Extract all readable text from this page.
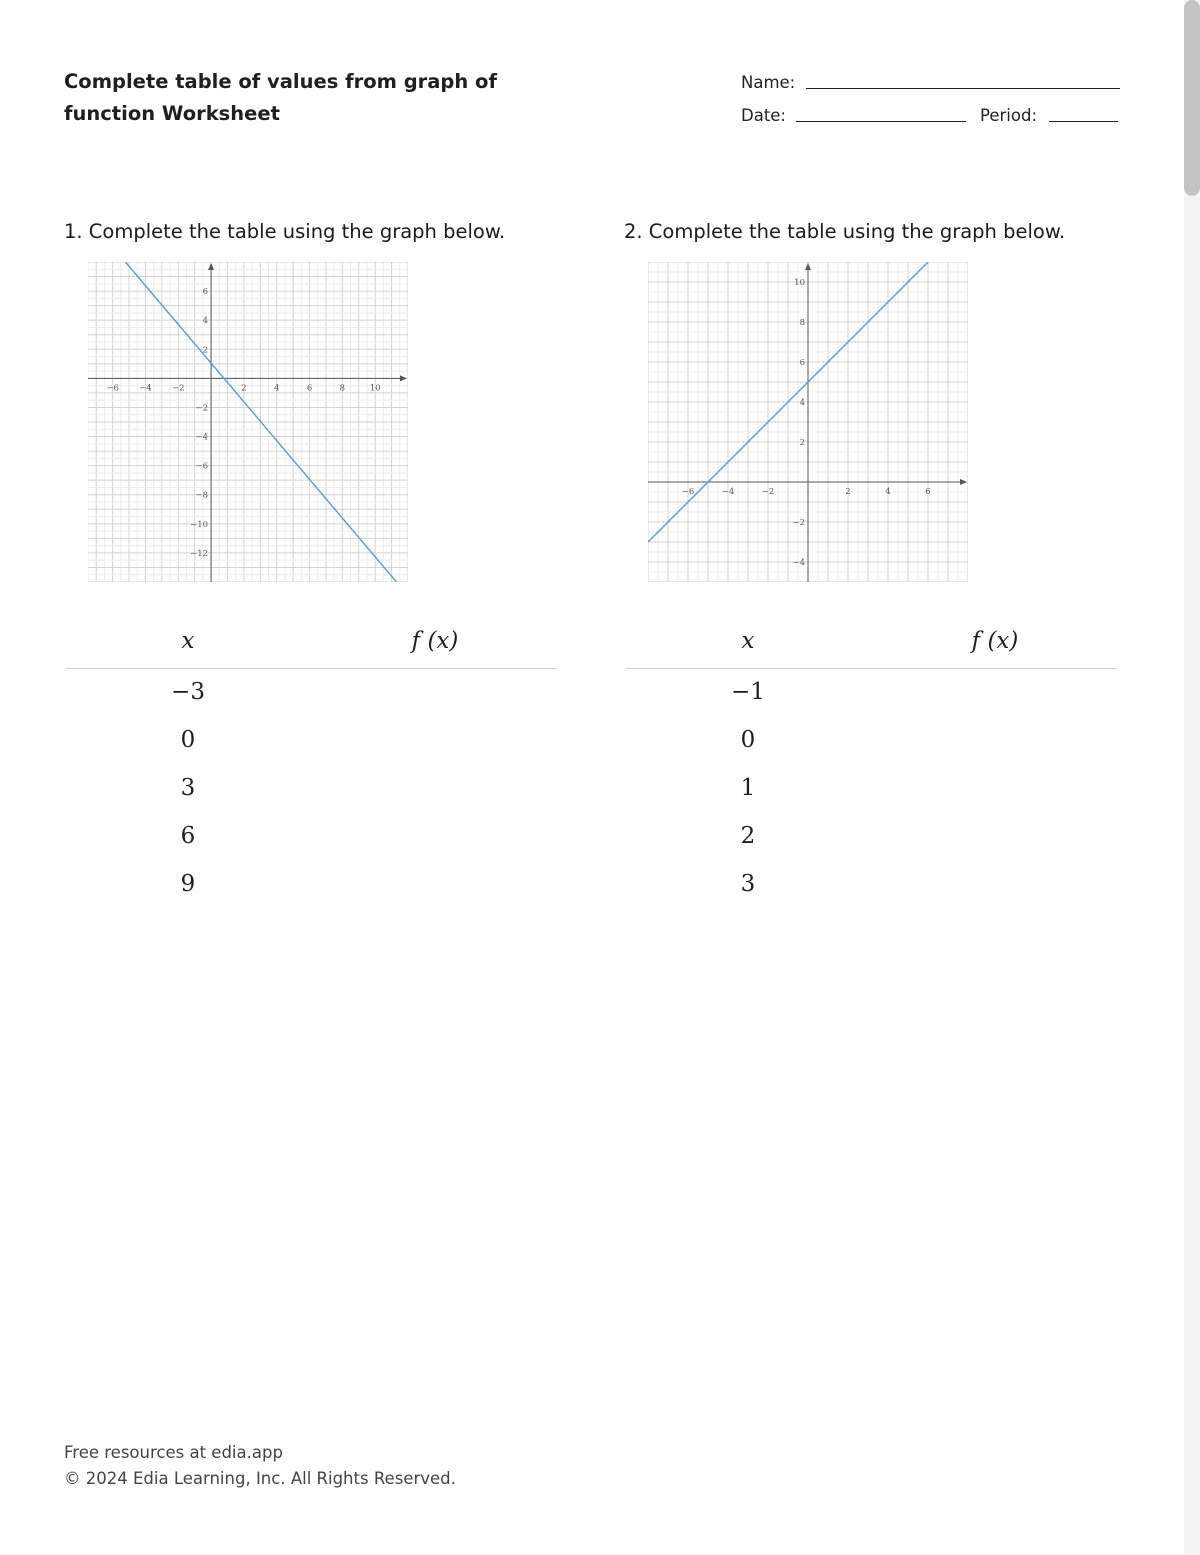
Complete table of values from graph of function Worksheet
Name:
Date:	Period:
1. Complete the table using the graph below.	2. Complete the table using the graph below.
−6 −4 −2	2	4	6	8	10
6
4
2
−2
−4
−6
−8
−10
−12
−6	−4	−2	2	4	6
10
8
6
4
2
−2
−4
x	f (x)
−3
0
3
6
9
x	f (x)
−1
0
1
2
3
Free resources at edia.app
© 2024 Edia Learning, Inc. All Rights Reserved.
